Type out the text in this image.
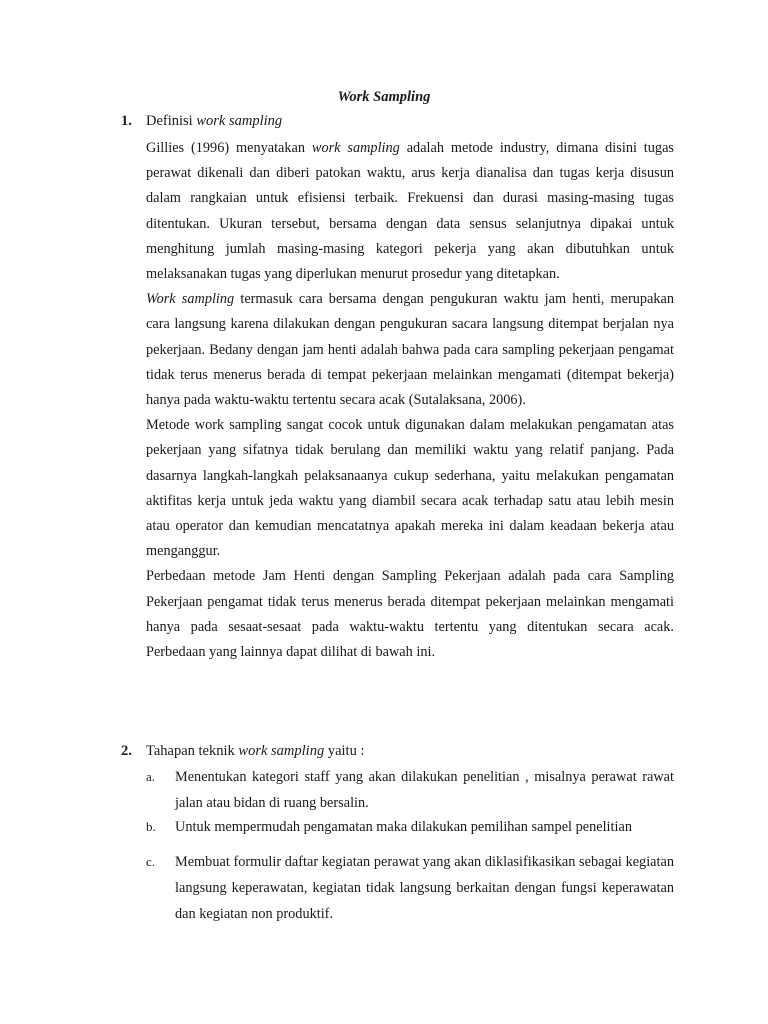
Work Sampling
1. Definisi work sampling

Gillies (1996) menyatakan work sampling adalah metode industry, dimana disini tugas perawat dikenali dan diberi patokan waktu, arus kerja dianalisa dan tugas kerja disusun dalam rangkaian untuk efisiensi terbaik. Frekuensi dan durasi masing-masing tugas ditentukan. Ukuran tersebut, bersama dengan data sensus selanjutnya dipakai untuk menghitung jumlah masing-masing kategori pekerja yang akan dibutuhkan untuk melaksanakan tugas yang diperlukan menurut prosedur yang ditetapkan.

Work sampling termasuk cara bersama dengan pengukuran waktu jam henti, merupakan cara langsung karena dilakukan dengan pengukuran sacara langsung ditempat berjalan nya pekerjaan. Bedany dengan jam henti adalah bahwa pada cara sampling pekerjaan pengamat tidak terus menerus berada di tempat pekerjaan melainkan mengamati (ditempat bekerja) hanya pada waktu-waktu tertentu secara acak (Sutalaksana, 2006).

Metode work sampling sangat cocok untuk digunakan dalam melakukan pengamatan atas pekerjaan yang sifatnya tidak berulang dan memiliki waktu yang relatif panjang. Pada dasarnya langkah-langkah pelaksanaanya cukup sederhana, yaitu melakukan pengamatan aktifitas kerja untuk jeda waktu yang diambil secara acak terhadap satu atau lebih mesin atau operator dan kemudian mencatatnya apakah mereka ini dalam keadaan bekerja atau menganggur.

Perbedaan metode Jam Henti dengan Sampling Pekerjaan adalah pada cara Sampling Pekerjaan pengamat tidak terus menerus berada ditempat pekerjaan melainkan mengamati hanya pada sesaat-sesaat pada waktu-waktu tertentu yang ditentukan secara acak. Perbedaan yang lainnya dapat dilihat di bawah ini.

2. Tahapan teknik work sampling yaitu :
a.	Menentukan kategori staff yang akan dilakukan penelitian , misalnya perawat rawat jalan atau bidan di ruang bersalin.
b.	Untuk mempermudah pengamatan maka dilakukan pemilihan sampel penelitian
c.	Membuat formulir daftar kegiatan perawat yang akan diklasifikasikan sebagai kegiatan langsung keperawatan, kegiatan tidak langsung berkaitan dengan fungsi keperawatan dan kegiatan non produktif.
